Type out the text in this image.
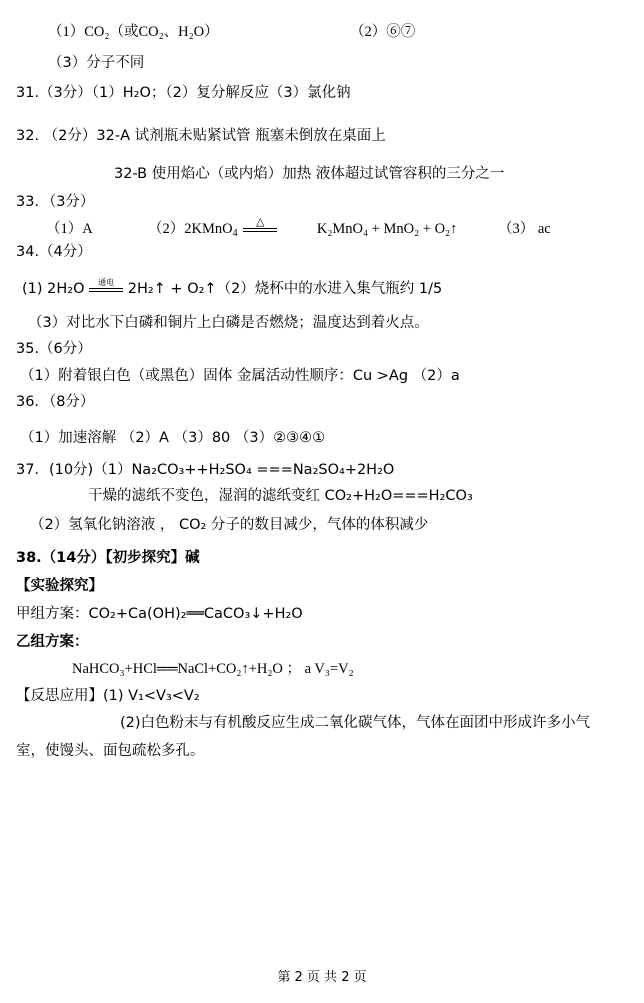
（1）CO₂（或CO₂、H₂O）	（2）⑥⑦
（3）分子不同
31.（3分）（1）H₂O；（2）复分解反应（3）氯化钠
32. （2分）32-A 试剂瓶未贴紧试管 瓶塞未倒放在桌面上
32-B 使用焰心（或内焰）加热 液体超过试管容积的三分之一
33．（3分）
（1）A	（2）2KMnO$_4$
△	K₂MnO₄ + MnO₂ + O₂↑	（3） ac
34.（4分）
(1) 2H₂O	通电 2H₂↑ + O₂↑（2）烧杯中的水进入集气瓶约 1/5
（3）对比水下白磷和铜片上白磷是否燃烧；温度达到着火点。
35.（6分）
（1）附着银白色（或黑色）固体 金属活动性顺序：Cu >Ag （2）a
36．（8分）
（1）加速溶解 （2）A （3）80 （3）②③④①
37．(10分)（1）Na₂CO₃++H₂SO₄ ===Na₂SO₄+2H₂O
干燥的滤纸不变色，湿润的滤纸变红 CO₂+H₂O===H₂CO₃
（2）氢氧化钠溶液 ， CO₂ 分子的数目减少，气体的体积减少
38.（14分）【初步探究】碱
【实验探究】
甲组方案：CO₂+Ca(OH)₂══CaCO₃↓+H₂O
乙组方案：
NaHCO₃+HCl══NaCl+CO₂↑+H₂O ； a V₃=V₂
【反思应用】(1) V₁<V₃<V₂
(2)白色粉末与有机酸反应生成二氧化碳气体，气体在面团中形成许多小气
室，使馒头、面包疏松多孔。
第 2 页 共 2 页
